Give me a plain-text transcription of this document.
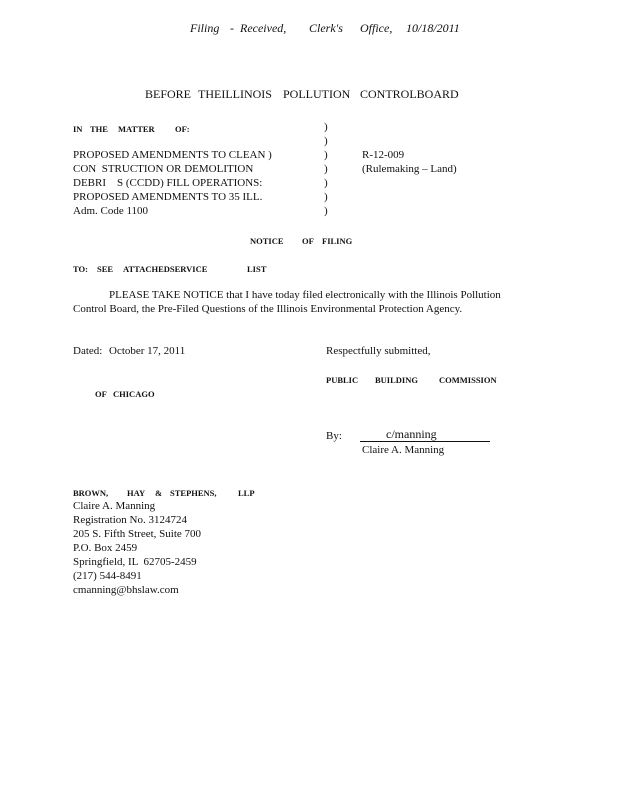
Filing - Received, Clerk's Office, 10/18/2011
BEFORE THEILLINOIS POLLUTION CONTROLBOARD
IN THE MATTER OF:
PROPOSED AMENDMENTS TO CLEAN )
CON  STRUCTION OR DEMOLITION
DEBRI    S (CCDD) FILL OPERATIONS:
PROPOSED AMENDMENTS TO 35 ILL.
Adm. Code 1100
)
)
)
)
)
)
)
R-12-009
(Rulemaking – Land)
NOTICE OF FILING
TO: SEE ATTACHEDSERVICE	LIST
PLEASE TAKE NOTICE that I have today filed electronically with the Illinois Pollution
Control Board, the Pre-Filed Questions of the Illinois Environmental Protection Agency.
Dated: October 17, 2011	Respectfully submitted,
PUBLIC BUILDING COMMISSION
OF CHICAGO
By:	c/manning
Claire A. Manning
BROWN, HAY & STEPHENS,	LLP
Claire A. Manning
Registration No. 3124724
205 S. Fifth Street, Suite 700
P.O. Box 2459
Springfield, IL  62705-2459
(217) 544-8491
cmanning@bhslaw.com
